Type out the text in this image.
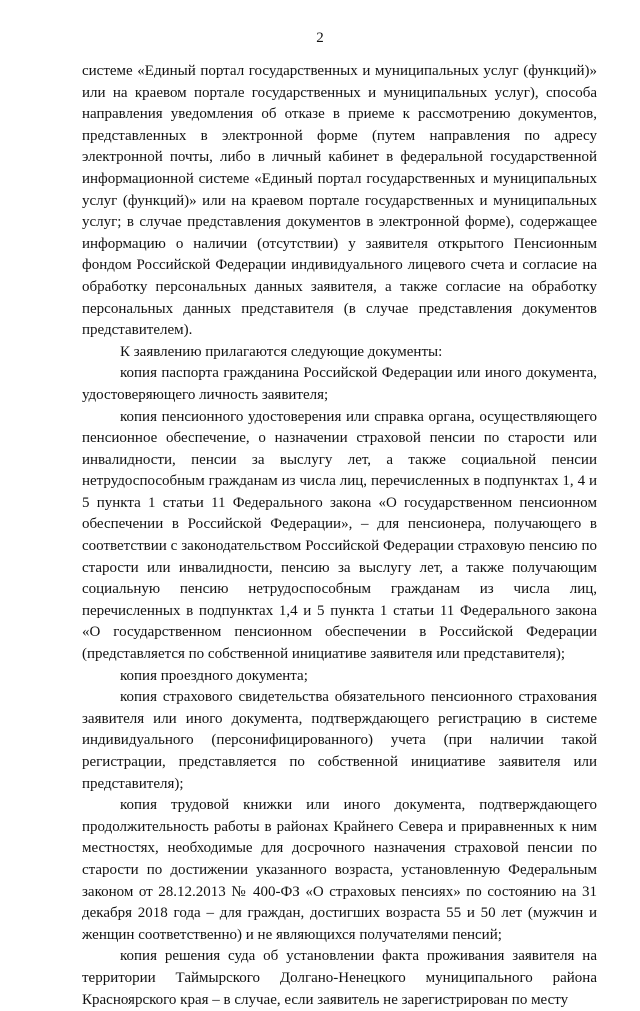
2

системе «Единый портал государственных и муниципальных услуг (функций)» или на краевом портале государственных и муниципальных услуг), способа направления уведомления об отказе в приеме к рассмотрению документов, представленных в электронной форме (путем направления по адресу электронной почты, либо в личный кабинет в федеральной государственной информационной системе «Единый портал государственных и муниципальных услуг (функций)» или на краевом портале государственных и муниципальных услуг; в случае представления документов в электронной форме), содержащее информацию о наличии (отсутствии) у заявителя открытого Пенсионным фондом Российской Федерации индивидуального лицевого счета и согласие на обработку персональных данных заявителя, а также согласие на обработку персональных данных представителя (в случае представления документов представителем).

К заявлению прилагаются следующие документы:

копия паспорта гражданина Российской Федерации или иного документа, удостоверяющего личность заявителя;

копия пенсионного удостоверения или справка органа, осуществляющего пенсионное обеспечение, о назначении страховой пенсии по старости или инвалидности, пенсии за выслугу лет, а также социальной пенсии нетрудоспособным гражданам из числа лиц, перечисленных в подпунктах 1, 4 и 5 пункта 1 статьи 11 Федерального закона «О государственном пенсионном обеспечении в Российской Федерации», – для пенсионера, получающего в соответствии с законодательством Российской Федерации страховую пенсию по старости или инвалидности, пенсию за выслугу лет, а также получающим социальную пенсию нетрудоспособным гражданам из числа лиц, перечисленных в подпунктах 1,4 и 5 пункта 1 статьи 11 Федерального закона «О государственном пенсионном обеспечении в Российской Федерации (представляется по собственной инициативе заявителя или представителя);

копия проездного документа;

копия страхового свидетельства обязательного пенсионного страхования заявителя или иного документа, подтверждающего регистрацию в системе индивидуального (персонифицированного) учета (при наличии такой регистрации, представляется по собственной инициативе заявителя или представителя);

копия трудовой книжки или иного документа, подтверждающего продолжительность работы в районах Крайнего Севера и приравненных к ним местностях, необходимые для досрочного назначения страховой пенсии по старости по достижении указанного возраста, установленную Федеральным законом от 28.12.2013 № 400-ФЗ «О страховых пенсиях» по состоянию на 31 декабря 2018 года – для граждан, достигших возраста 55 и 50 лет (мужчин и женщин соответственно) и не являющихся получателями пенсий;

копия решения суда об установлении факта проживания заявителя на территории Таймырского Долгано-Ненецкого муниципального района Красноярского края – в случае, если заявитель не зарегистрирован по месту
